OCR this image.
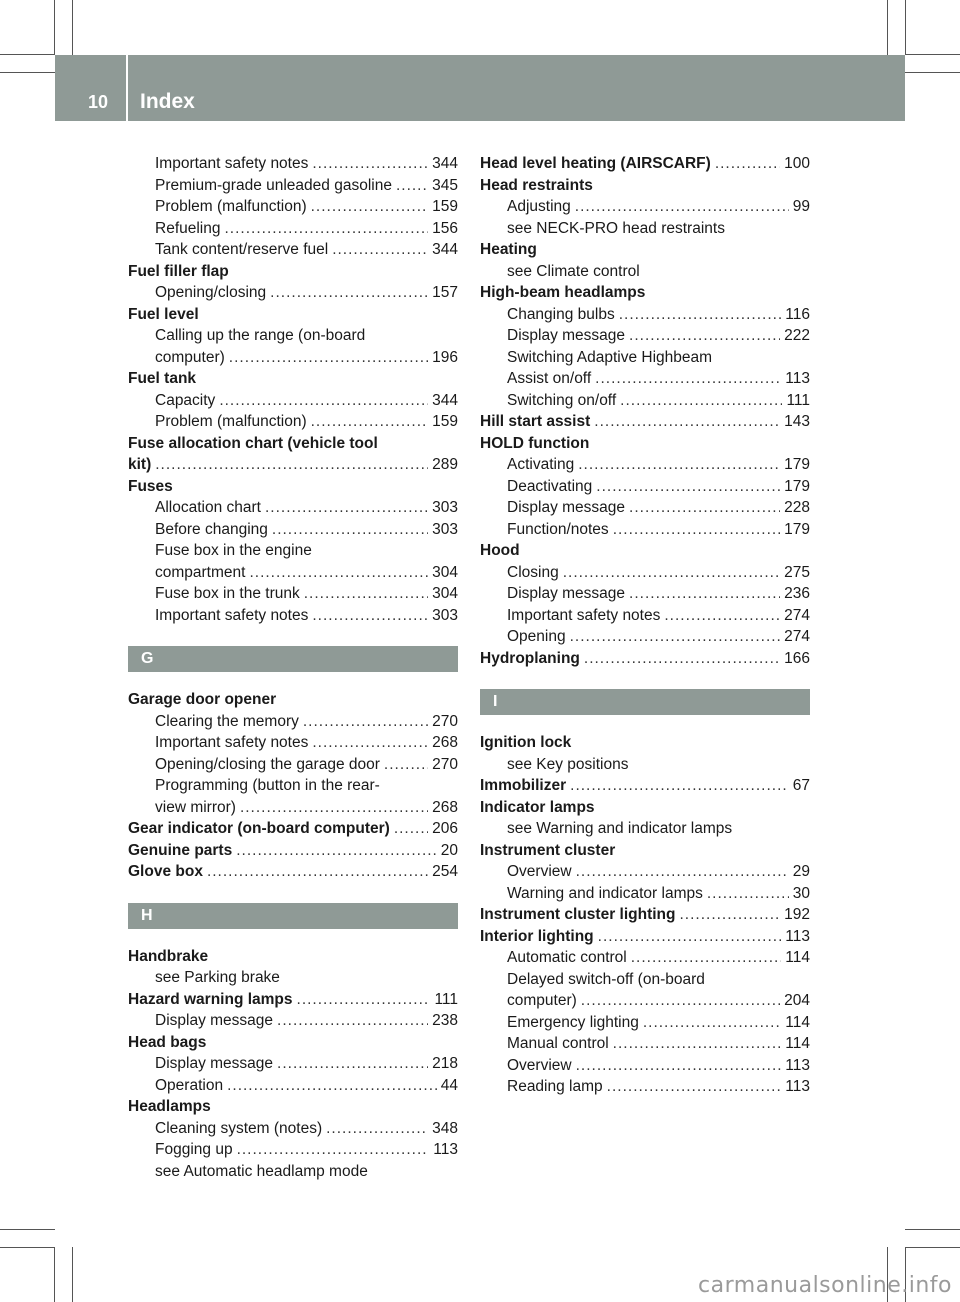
10 Index
Important safety notes .....	344
Premium-grade unleaded gasoline .....	345
Problem (malfunction) .....	159
Refueling .....	156
Tank content/reserve fuel .....	344
Fuel filler flap
Opening/closing .....	157
Fuel level
Calling up the range (on-board
computer) .....	196
Fuel tank
Capacity .....	344
Problem (malfunction) .....	159
Fuse allocation chart (vehicle tool
kit) .....	289
Fuses
Allocation chart .....	303
Before changing .....	303
Fuse box in the engine
compartment .....	304
Fuse box in the trunk .....	304
Important safety notes .....	303
G
Garage door opener
Clearing the memory .....	270
Important safety notes .....	268
Opening/closing the garage door .....	270
Programming (button in the rear-
view mirror) .....	268
Gear indicator (on-board computer) .....	206
Genuine parts .....	20
Glove box .....	254
H
Handbrake
see Parking brake
Hazard warning lamps .....	111
Display message .....	238
Head bags
Display message .....	218
Operation .....	44
Headlamps
Cleaning system (notes) .....	348
Fogging up .....	113
see Automatic headlamp mode
Head level heating (AIRSCARF) .....	100
Head restraints
Adjusting .....	99
see NECK-PRO head restraints
Heating
see Climate control
High-beam headlamps
Changing bulbs .....	116
Display message .....	222
Switching Adaptive Highbeam
Assist on/off .....	113
Switching on/off .....	111
Hill start assist .....	143
HOLD function
Activating .....	179
Deactivating .....	179
Display message .....	228
Function/notes .....	179
Hood
Closing .....	275
Display message .....	236
Important safety notes .....	274
Opening .....	274
Hydroplaning .....	166
I
Ignition lock
see Key positions
Immobilizer .....	67
Indicator lamps
see Warning and indicator lamps
Instrument cluster
Overview .....	29
Warning and indicator lamps .....	30
Instrument cluster lighting .....	192
Interior lighting .....	113
Automatic control .....	114
Delayed switch-off (on-board
computer) .....	204
Emergency lighting .....	114
Manual control .....	114
Overview .....	113
Reading lamp .....	113
carmanualsonline.info
